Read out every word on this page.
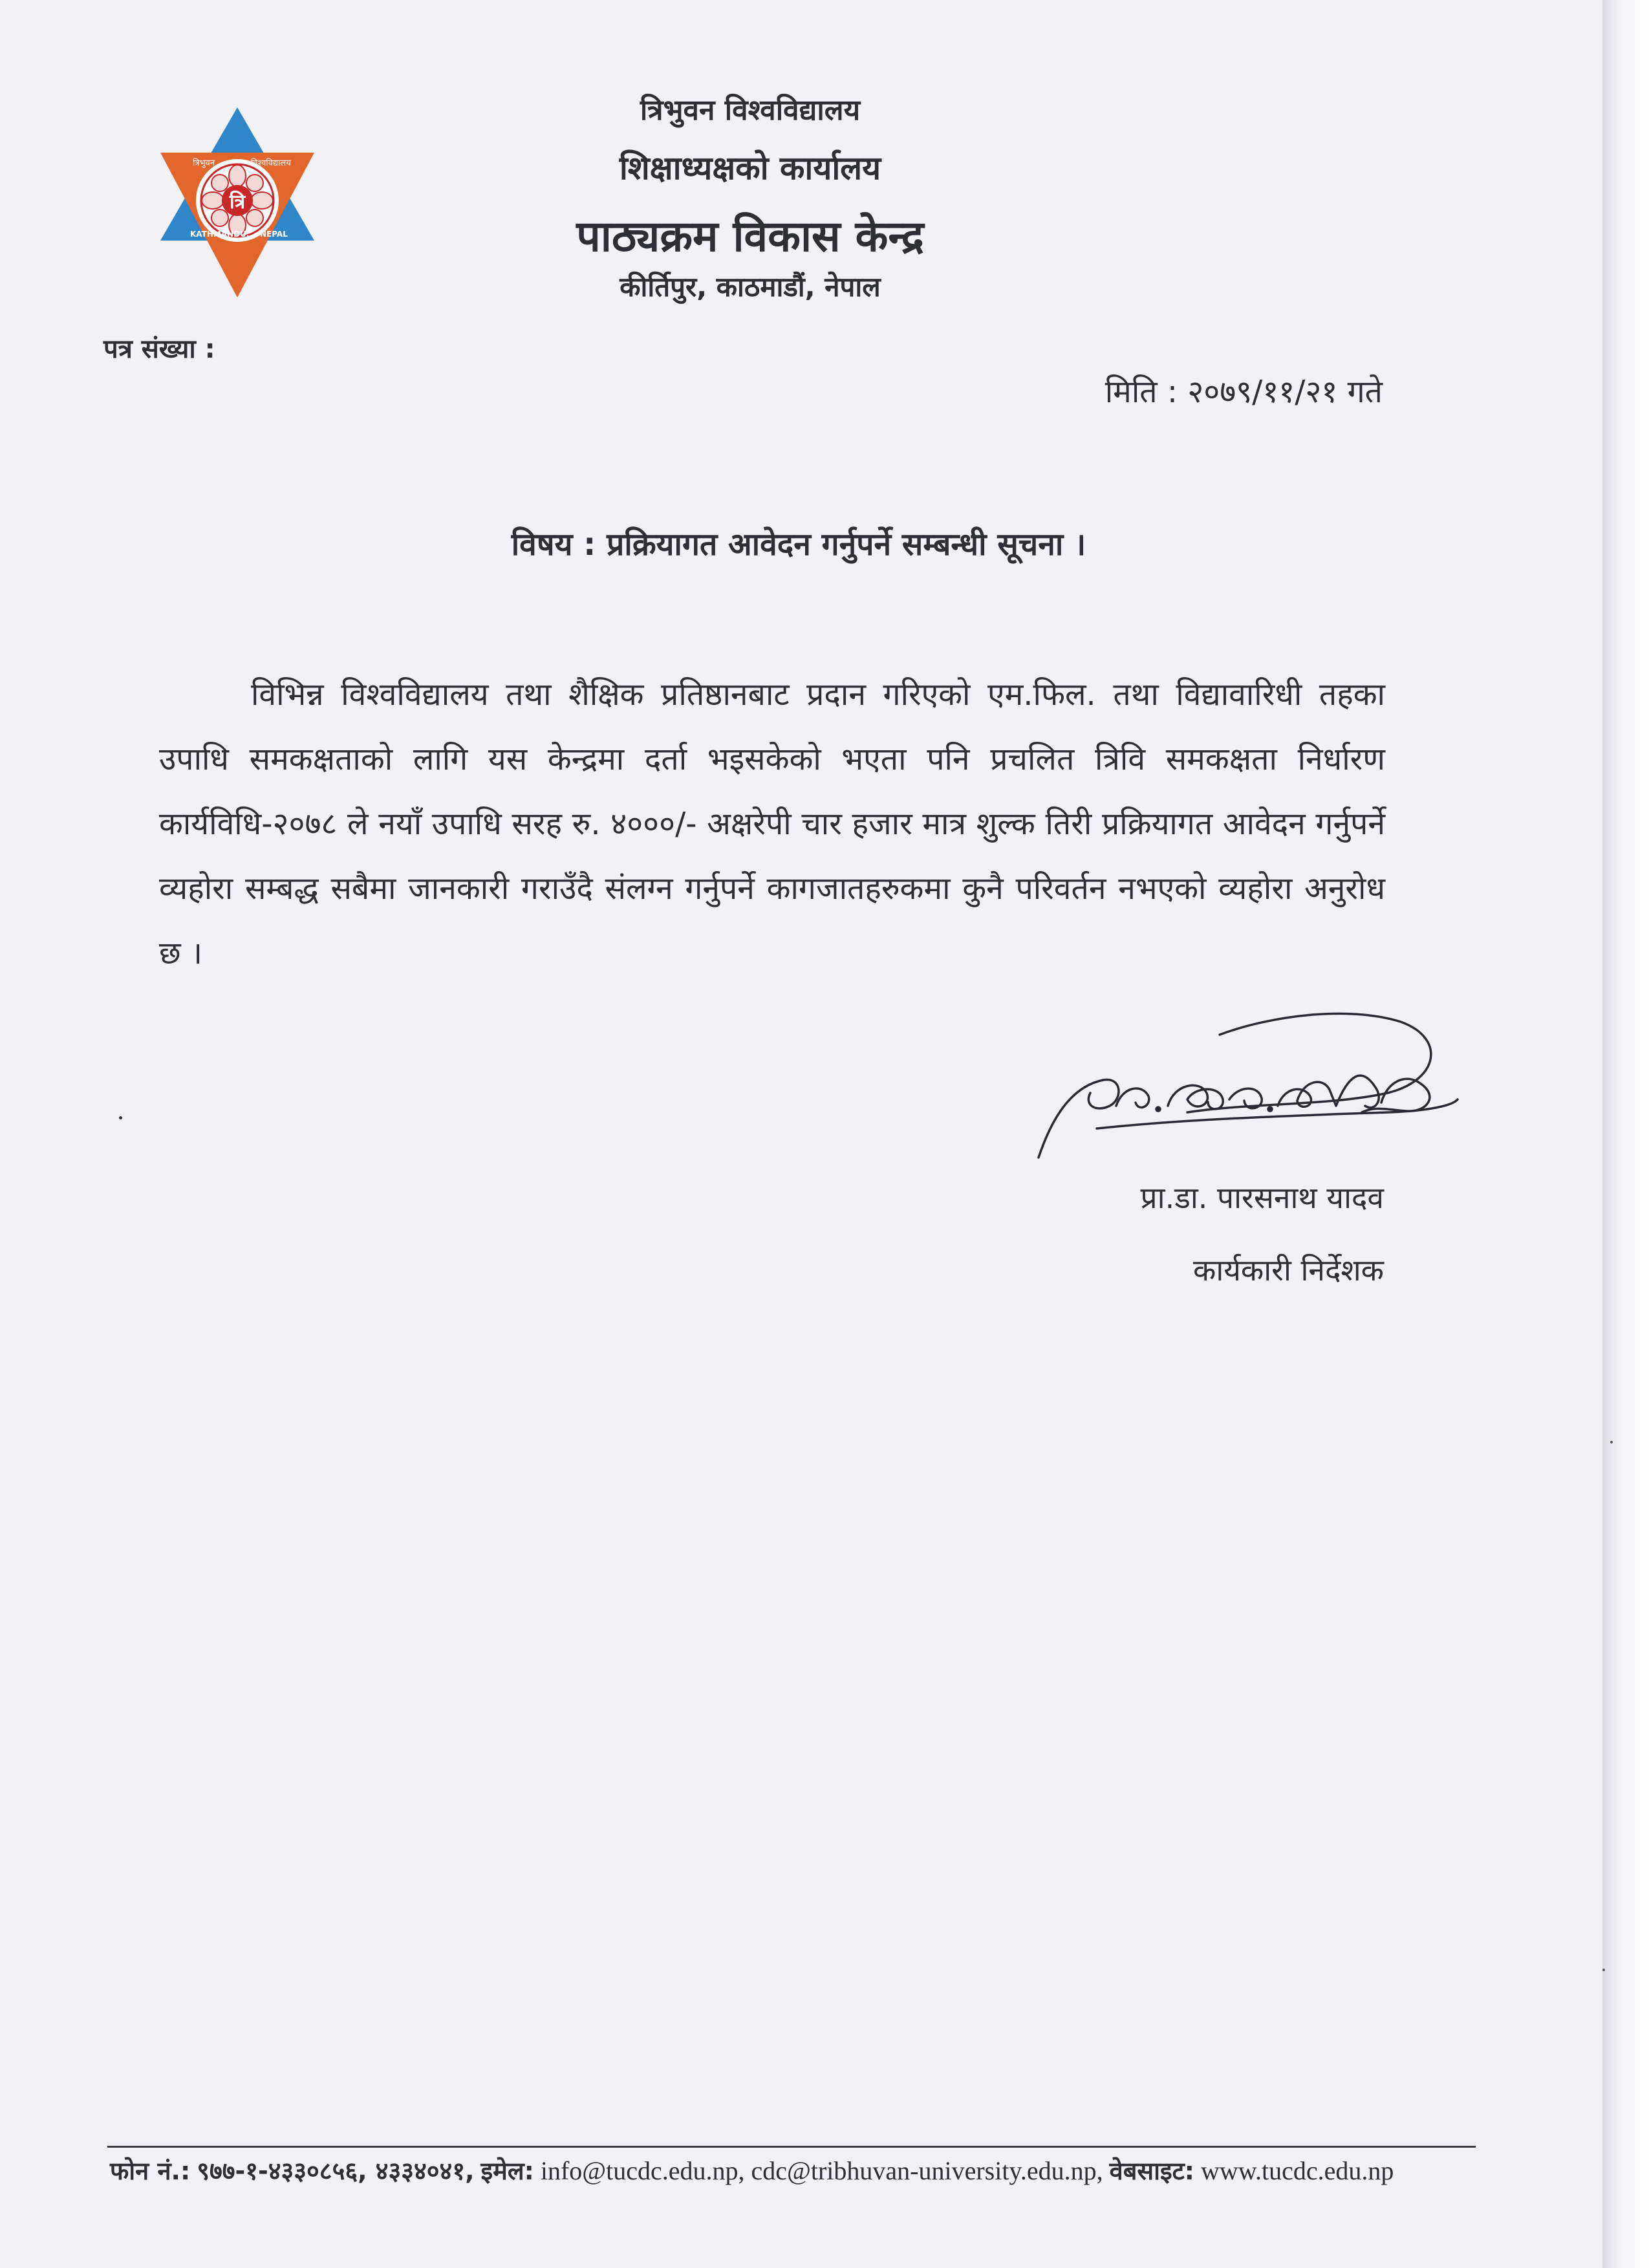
त्रि
त्रिभुवन	विश्वविद्यालय
KATHMANDU, NEPAL
त्रिभुवन विश्वविद्यालय
शिक्षाध्यक्षको कार्यालय
पाठ्यक्रम विकास केन्द्र
कीर्तिपुर, काठमाडौं, नेपाल
पत्र संख्या :
मिति : २०७९/११/२१ गते
विषय : प्रक्रियागत आवेदन गर्नुपर्ने सम्बन्धी सूचना ।
विभिन्न विश्वविद्यालय तथा शैक्षिक प्रतिष्ठानबाट प्रदान गरिएको एम.फिल. तथा विद्यावारिधी तहका उपाधि समकक्षताको लागि यस केन्द्रमा दर्ता भइसकेको भएता पनि प्रचलित त्रिवि समकक्षता निर्धारण कार्यविधि-२०७८ ले नयाँ उपाधि सरह रु. ४०००/- अक्षरेपी चार हजार मात्र शुल्क तिरी प्रक्रियागत आवेदन गर्नुपर्ने व्यहोरा सम्बद्ध सबैमा जानकारी गराउँदै संलग्न गर्नुपर्ने कागजातहरुकमा कुनै परिवर्तन नभएको व्यहोरा अनुरोध छ ।
प्रा.डा. पारसनाथ यादव
कार्यकारी निर्देशक
फोन नं.: ९७७-१-४३३०८५६, ४३३४०४१, इमेल: info@tucdc.edu.np, cdc@tribhuvan-university.edu.np, वेबसाइट: www.tucdc.edu.np
